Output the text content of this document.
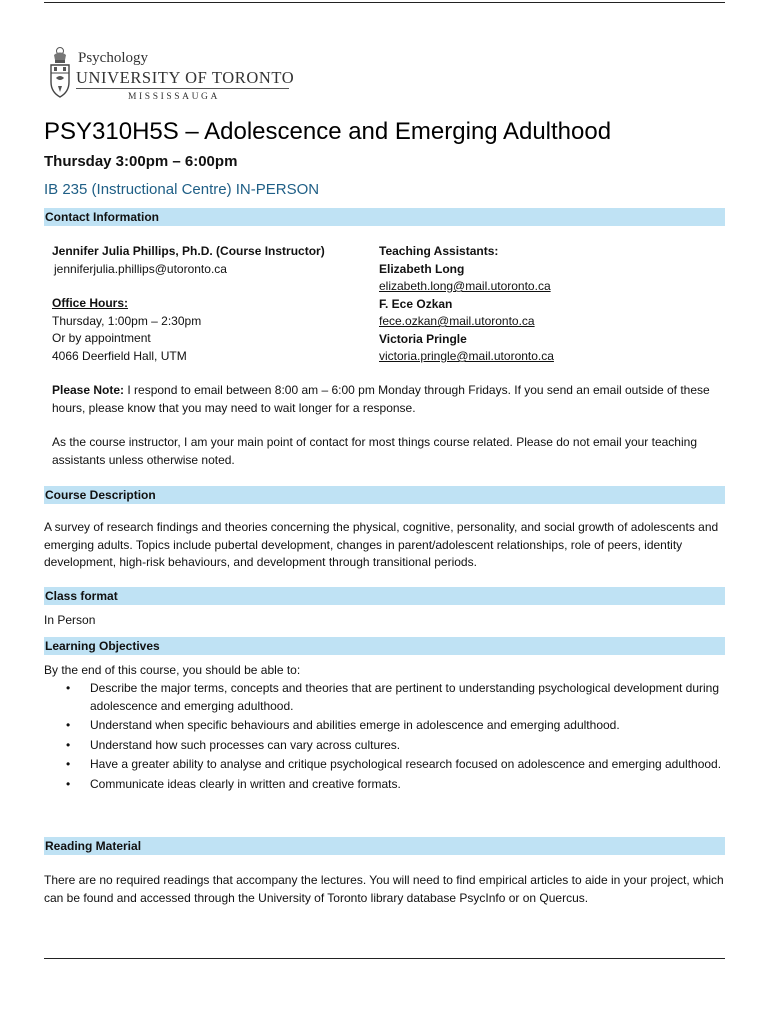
Psychology
UNIVERSITY OF TORONTO
MISSISSAUGA
PSY310H5S – Adolescence and Emerging Adulthood
Thursday 3:00pm – 6:00pm
IB 235 (Instructional Centre) IN-PERSON
Contact Information
Jennifer Julia Phillips, Ph.D. (Course Instructor)
jenniferjulia.phillips@utoronto.ca
Office Hours:
Thursday, 1:00pm – 2:30pm
Or by appointment
4066 Deerfield Hall, UTM
Teaching Assistants:
Elizabeth Long
elizabeth.long@mail.utoronto.ca
F. Ece Ozkan
fece.ozkan@mail.utoronto.ca
Victoria Pringle
victoria.pringle@mail.utoronto.ca
Please Note: I respond to email between 8:00 am – 6:00 pm Monday through Fridays. If you send an email outside of these hours, please know that you may need to wait longer for a response.
As the course instructor, I am your main point of contact for most things course related. Please do not email your teaching assistants unless otherwise noted.
Course Description
A survey of research findings and theories concerning the physical, cognitive, personality, and social growth of adolescents and emerging adults. Topics include pubertal development, changes in parent/adolescent relationships, role of peers, identity development, high-risk behaviours, and development through transitional periods.
Class format
In Person
Learning Objectives
By the end of this course, you should be able to:
• Describe the major terms, concepts and theories that are pertinent to understanding psychological development during adolescence and emerging adulthood.
• Understand when specific behaviours and abilities emerge in adolescence and emerging adulthood.
• Understand how such processes can vary across cultures.
• Have a greater ability to analyse and critique psychological research focused on adolescence and emerging adulthood.
• Communicate ideas clearly in written and creative formats.
Reading Material
There are no required readings that accompany the lectures. You will need to find empirical articles to aide in your project, which can be found and accessed through the University of Toronto library database PsycInfo or on Quercus.
